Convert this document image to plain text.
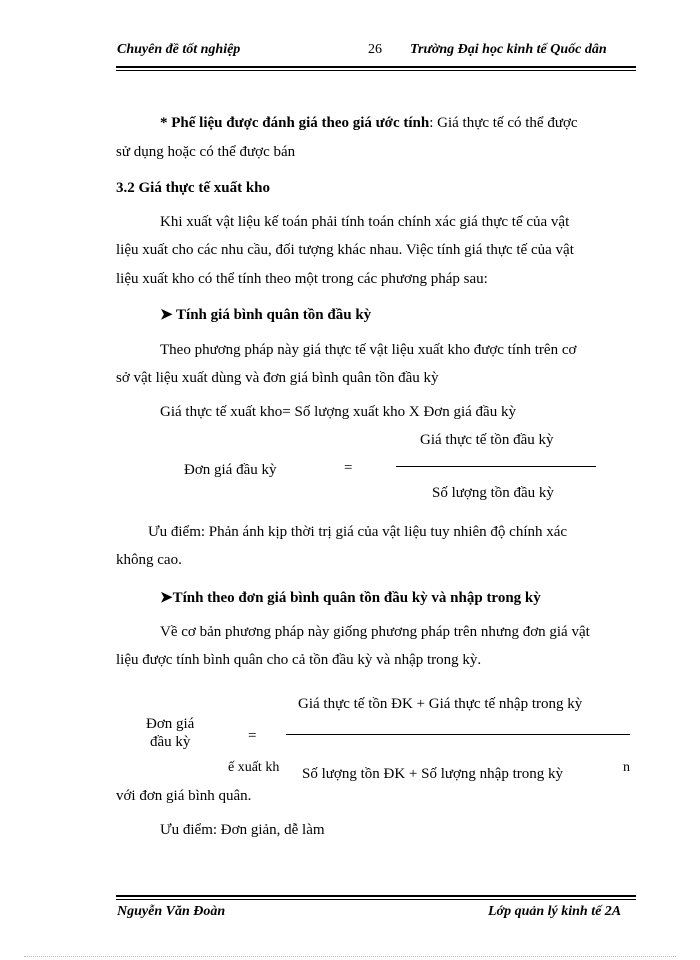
Chuyên đề tốt nghiệp	26 Trường Đại học kinh tế Quốc dân
* Phế liệu được đánh giá theo giá ước tính: Giá thực tế có thể được
sử dụng hoặc có thể được bán
3.2 Giá thực tế xuất kho
Khi xuất vật liệu kế toán phải tính toán chính xác giá thực tế của vật
liệu xuất cho các nhu cầu, đối tượng khác nhau. Việc tính giá thực tế của vật
liệu xuất kho có thể tính theo một trong các phương pháp sau:
➤ Tính giá bình quân tồn đầu kỳ
Theo phương pháp này giá thực tế vật liệu xuất kho được tính trên cơ
sở vật liệu xuất dùng và đơn giá bình quân tồn đầu kỳ
Giá thực tế xuất kho= Số lượng xuất kho X Đơn giá đầu kỳ
Giá thực tế tồn đầu kỳ
Đơn giá đầu kỳ	=
Số lượng tồn đầu kỳ
Ưu điểm: Phản ánh kịp thời trị giá của vật liệu tuy nhiên độ chính xác
không cao.
➤Tính theo đơn giá bình quân tồn đầu kỳ và nhập trong kỳ
Về cơ bản phương pháp này giống phương pháp trên nhưng đơn giá vật
liệu được tính bình quân cho cả tồn đầu kỳ và nhập trong kỳ.
Giá thực tế tồn ĐK + Giá thực tế nhập trong kỳ
Đơn giá
đầu kỳ	=
ế xuất kh	n
Số lượng tồn ĐK + Số lượng nhập trong kỳ
với đơn giá bình quân.
Ưu điểm: Đơn giản, dễ làm
Nguyễn Văn Đoàn	Lớp quản lý kinh tế 2A
